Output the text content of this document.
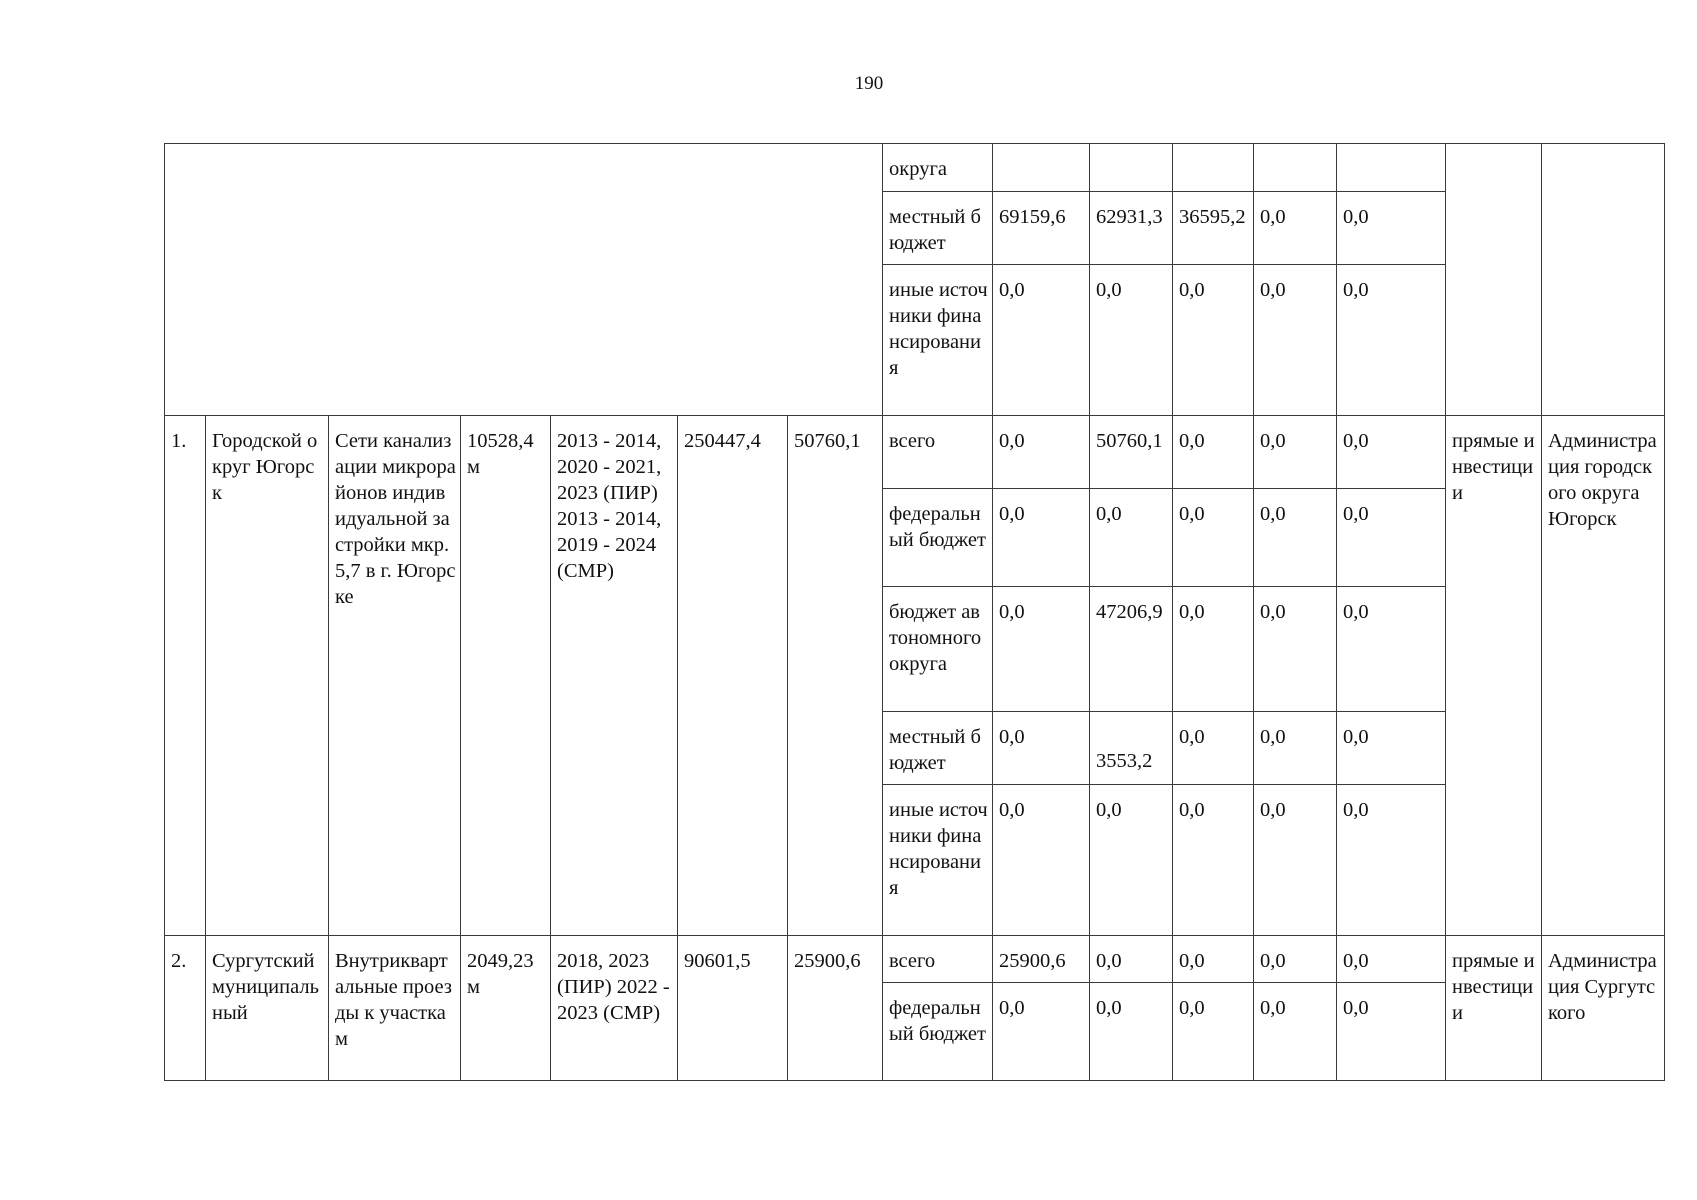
190
							округа							
							местный бюджет	69159,6	62931,3	36595,2	0,0	0,0		
							иные источники финансирования	0,0	0,0	0,0	0,0	0,0		
1.	Городской округ Югорск	Сети канализации микрорайонов индивидуальной застройки мкр. 5,7 в г. Югорске	10528,4 м	2013 - 2014, 2020 - 2021, 2023 (ПИР) 2013 - 2014, 2019 - 2024 (СМР)	250447,4	50760,1	всего	0,0	50760,1	0,0	0,0	0,0	прямые инвестиции	Администрация городского округа Югорск
							федеральный бюджет	0,0	0,0	0,0	0,0	0,0		
							бюджет автономного округа	0,0	47206,9	0,0	0,0	0,0		
							местный бюджет	0,0	3553,2	0,0	0,0	0,0		
							иные источники финансирования	0,0	0,0	0,0	0,0	0,0		
2.	Сургутский муниципальный	Внутриквартальные проезды к участкам	2049,23 м	2018, 2023 (ПИР) 2022 - 2023 (СМР)	90601,5	25900,6	всего	25900,6	0,0	0,0	0,0	0,0	прямые инвестиции	Администрация Сургутского
							федеральный бюджет	0,0	0,0	0,0	0,0	0,0		
